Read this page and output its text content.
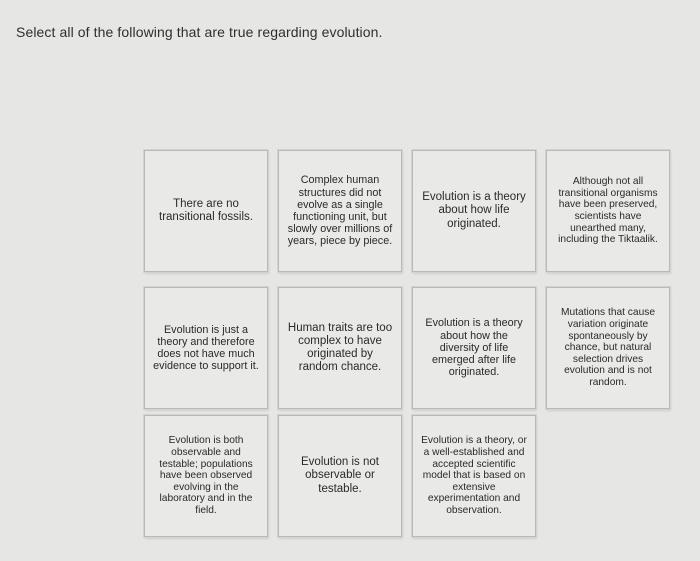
Select all of the following that are true regarding evolution.
There are no transitional fossils.
Complex human structures did not evolve as a single functioning unit, but slowly over millions of years, piece by piece.
Evolution is a theory about how life originated.
Although not all transitional organisms have been preserved, scientists have unearthed many, including the Tiktaalik.
Evolution is just a theory and therefore does not have much evidence to support it.
Human traits are too complex to have originated by random chance.
Evolution is a theory about how the diversity of life emerged after life originated.
Mutations that cause variation originate spontaneously by chance, but natural selection drives evolution and is not random.
Evolution is both observable and testable; populations have been observed evolving in the laboratory and in the field.
Evolution is not observable or testable.
Evolution is a theory, or a well-established and accepted scientific model that is based on extensive experimentation and observation.
